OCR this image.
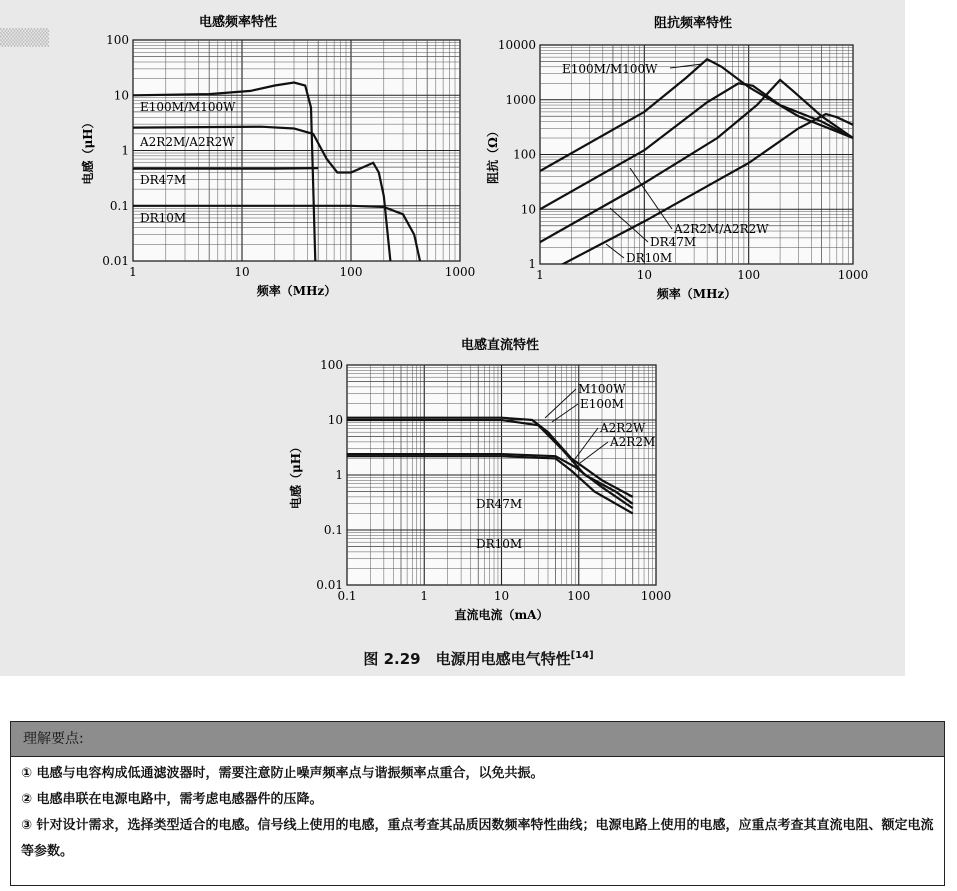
▒▒▒▒
1	10	100	1000
0.01
0.1
1
10
100
电感频率特性
频率（MHz）
电感（μH）
1	10	100	1000
1
10
100
1000
10000
阻抗频率特性
频率（MHz）
阻抗（Ω）
0.1	1	10	100	1000
0.01
0.1
1
10
100
电感直流特性
直流电流（mA）
电感（μH）
E100M/M100W
A2R2M/A2R2W
DR47M
DR10M
E100M/M100W
A2R2M/A2R2W
DR47M
DR10M
M100W
E100M
A2R2W
A2R2M
DR47M
DR10M
图 2.29　电源用电感电气特性[14]
理解要点:
① 电感与电容构成低通滤波器时，需要注意防止噪声频率点与谐振频率点重合，以免共振。
② 电感串联在电源电路中，需考虑电感器件的压降。
③ 针对设计需求，选择类型适合的电感。信号线上使用的电感，重点考查其品质因数频率特性曲线；电源电路上使用的电感，应重点考查其直流电阻、额定电流等参数。
